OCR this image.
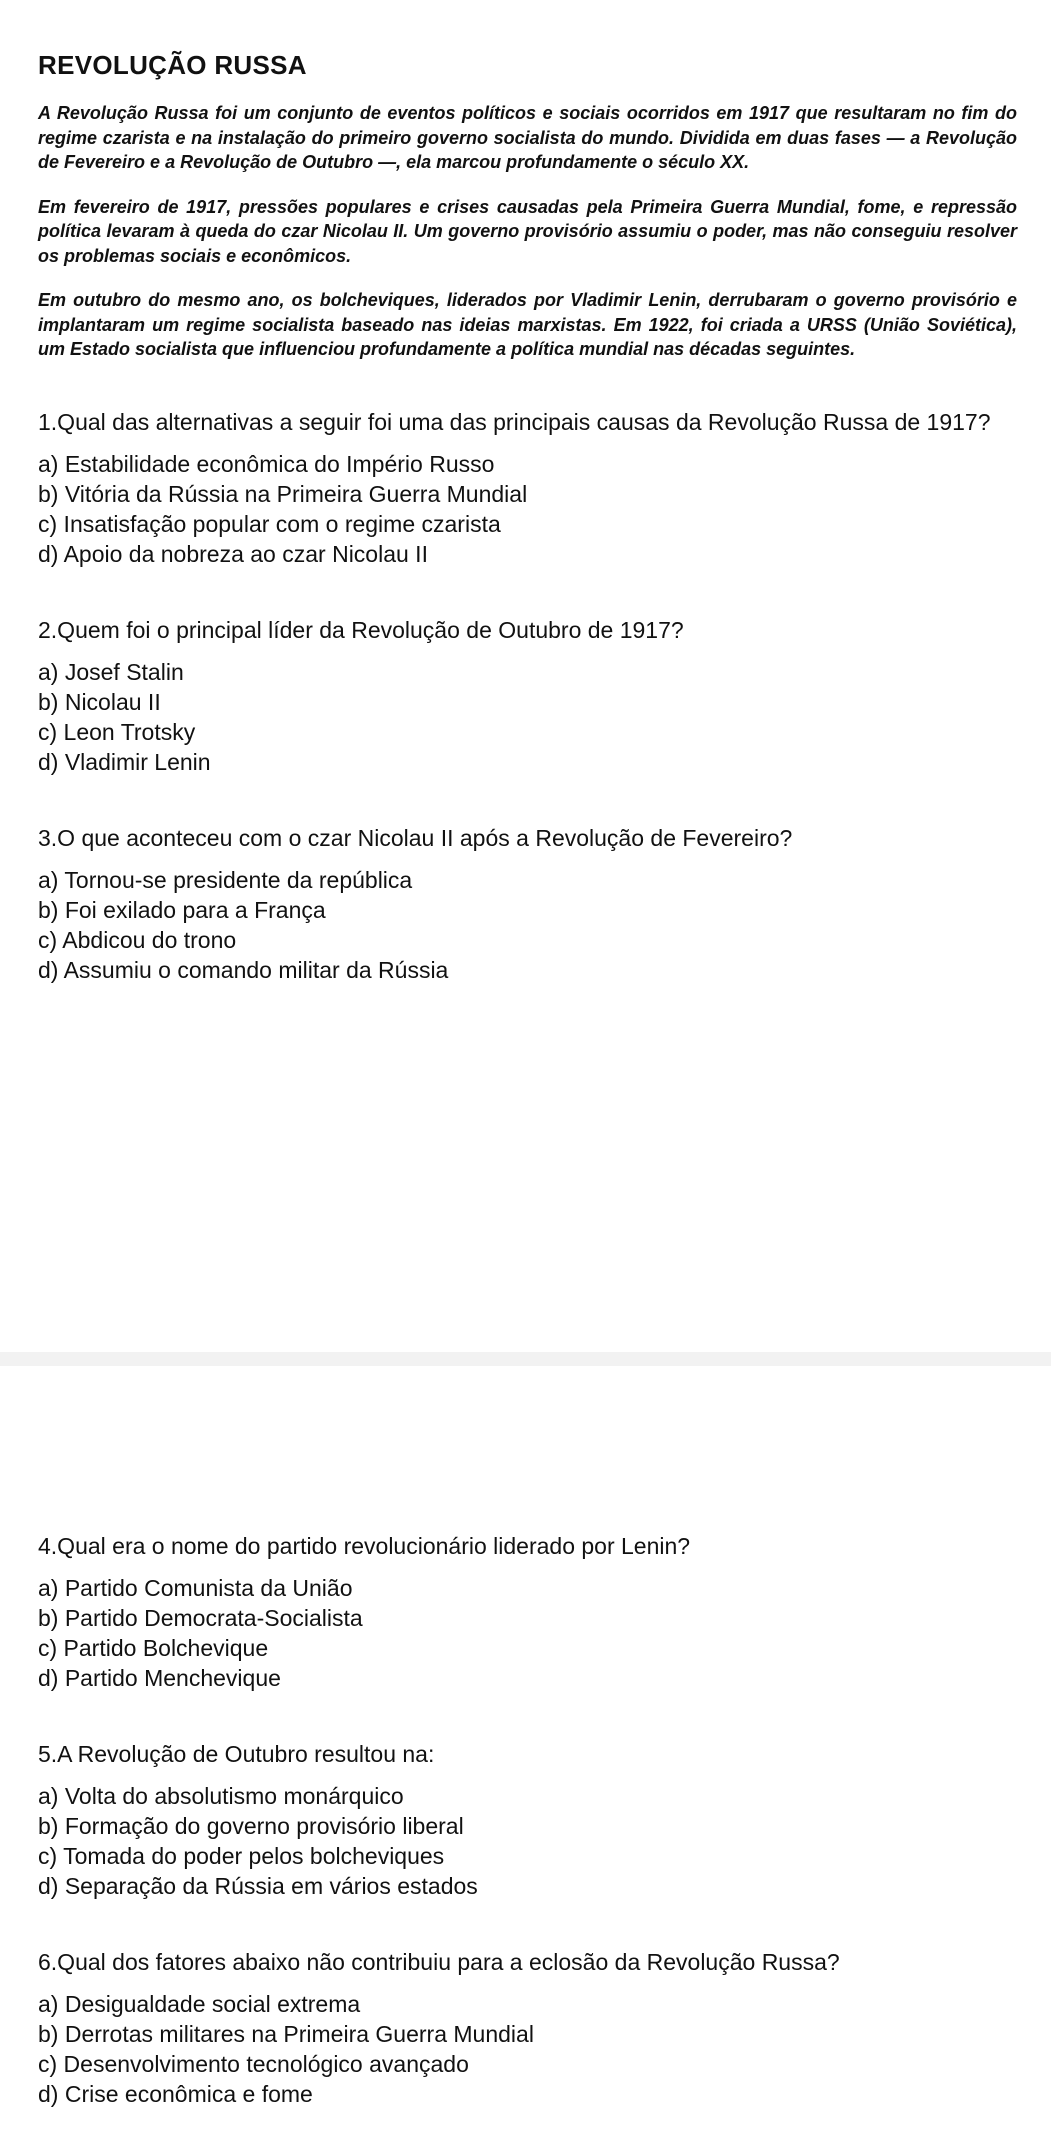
REVOLUÇÃO RUSSA

A Revolução Russa foi um conjunto de eventos políticos e sociais ocorridos em 1917 que resultaram no fim do regime czarista e na instalação do primeiro governo socialista do mundo. Dividida em duas fases — a Revolução de Fevereiro e a Revolução de Outubro —, ela marcou profundamente o século XX.

Em fevereiro de 1917, pressões populares e crises causadas pela Primeira Guerra Mundial, fome, e repressão política levaram à queda do czar Nicolau II. Um governo provisório assumiu o poder, mas não conseguiu resolver os problemas sociais e econômicos.

Em outubro do mesmo ano, os bolcheviques, liderados por Vladimir Lenin, derrubaram o governo provisório e implantaram um regime socialista baseado nas ideias marxistas. Em 1922, foi criada a URSS (União Soviética), um Estado socialista que influenciou profundamente a política mundial nas décadas seguintes.

1.Qual das alternativas a seguir foi uma das principais causas da Revolução Russa de 1917?

a) Estabilidade econômica do Império Russo
b) Vitória da Rússia na Primeira Guerra Mundial
c) Insatisfação popular com o regime czarista
d) Apoio da nobreza ao czar Nicolau II

2.Quem foi o principal líder da Revolução de Outubro de 1917?

a) Josef Stalin
b) Nicolau II
c) Leon Trotsky
d) Vladimir Lenin

3.O que aconteceu com o czar Nicolau II após a Revolução de Fevereiro?

a) Tornou-se presidente da república
b) Foi exilado para a França
c) Abdicou do trono
d) Assumiu o comando militar da Rússia

4.Qual era o nome do partido revolucionário liderado por Lenin?

a) Partido Comunista da União
b) Partido Democrata-Socialista
c) Partido Bolchevique
d) Partido Menchevique

5.A Revolução de Outubro resultou na:

a) Volta do absolutismo monárquico
b) Formação do governo provisório liberal
c) Tomada do poder pelos bolcheviques
d) Separação da Rússia em vários estados

6.Qual dos fatores abaixo não contribuiu para a eclosão da Revolução Russa?

a) Desigualdade social extrema
b) Derrotas militares na Primeira Guerra Mundial
c) Desenvolvimento tecnológico avançado
d) Crise econômica e fome
